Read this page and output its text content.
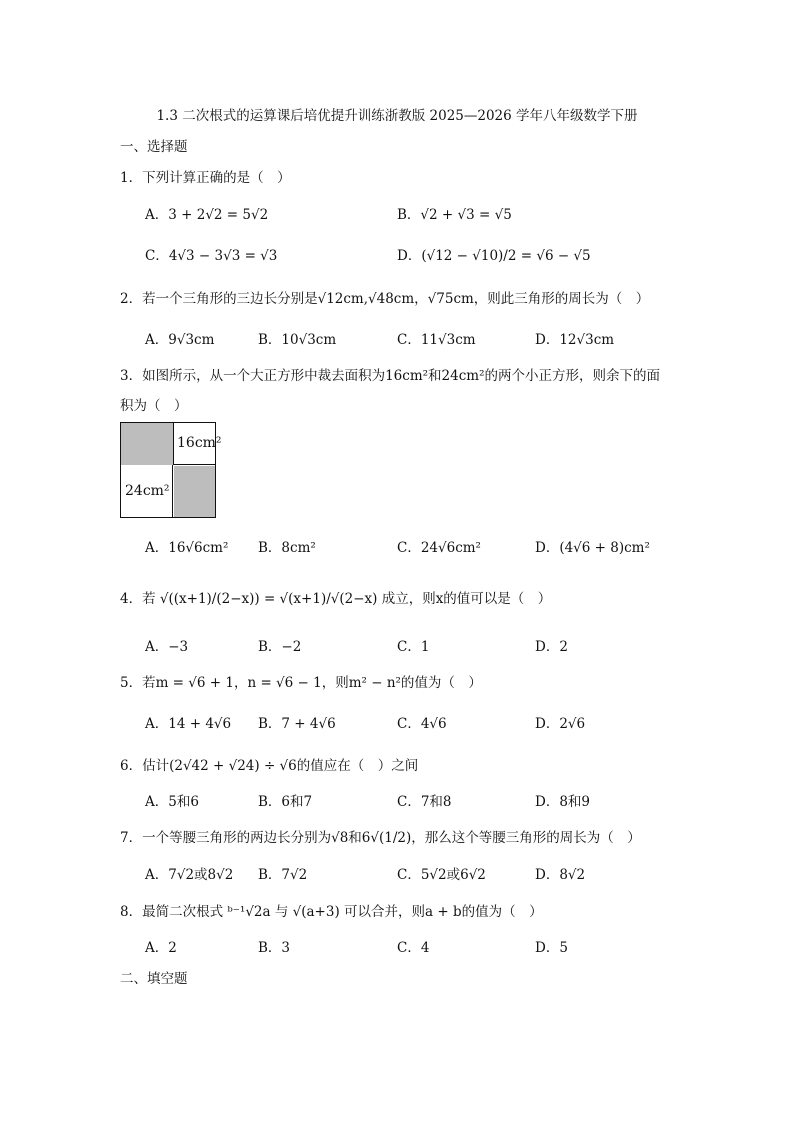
1.3 二次根式的运算课后培优提升训练浙教版 2025—2026 学年八年级数学下册
一、选择题
1．下列计算正确的是（　）
A．3 + 2√2 = 5√2	B．√2 + √3 = √5
C．4√3 − 3√3 = √3	D．(√12 − √10)/2 = √6 − √5
2．若一个三角形的三边长分别是√12cm,√48cm，√75cm，则此三角形的周长为（　）
A．9√3cm	B．10√3cm	C．11√3cm	D．12√3cm
3．如图所示，从一个大正方形中裁去面积为16cm²和24cm²的两个小正方形，则余下的面
积为（　）
16cm²
24cm²
A．16√6cm² B．8cm²	C．24√6cm²	D．(4√6 + 8)cm²
4．若 √((x+1)/(2−x)) = √(x+1)/√(2−x) 成立，则x的值可以是（　）
A．−3	B．−2	C．1	D．2
5．若m = √6 + 1，n = √6 − 1，则m² − n²的值为（　）
A．14 + 4√6 B．7 + 4√6	C．4√6	D．2√6
6．估计(2√42 + √24) ÷ √6的值应在（　）之间
A．5和6	B．6和7	C．7和8	D．8和9
7．一个等腰三角形的两边长分别为√8和6√(1/2)，那么这个等腰三角形的周长为（　）
A．7√2或8√2 B．7√2	C．5√2或6√2	D．8√2
8．最简二次根式 ᵇ⁻¹√2a 与 √(a+3) 可以合并，则a + b的值为（　）
A．2	B．3	C．4	D．5
二、填空题
